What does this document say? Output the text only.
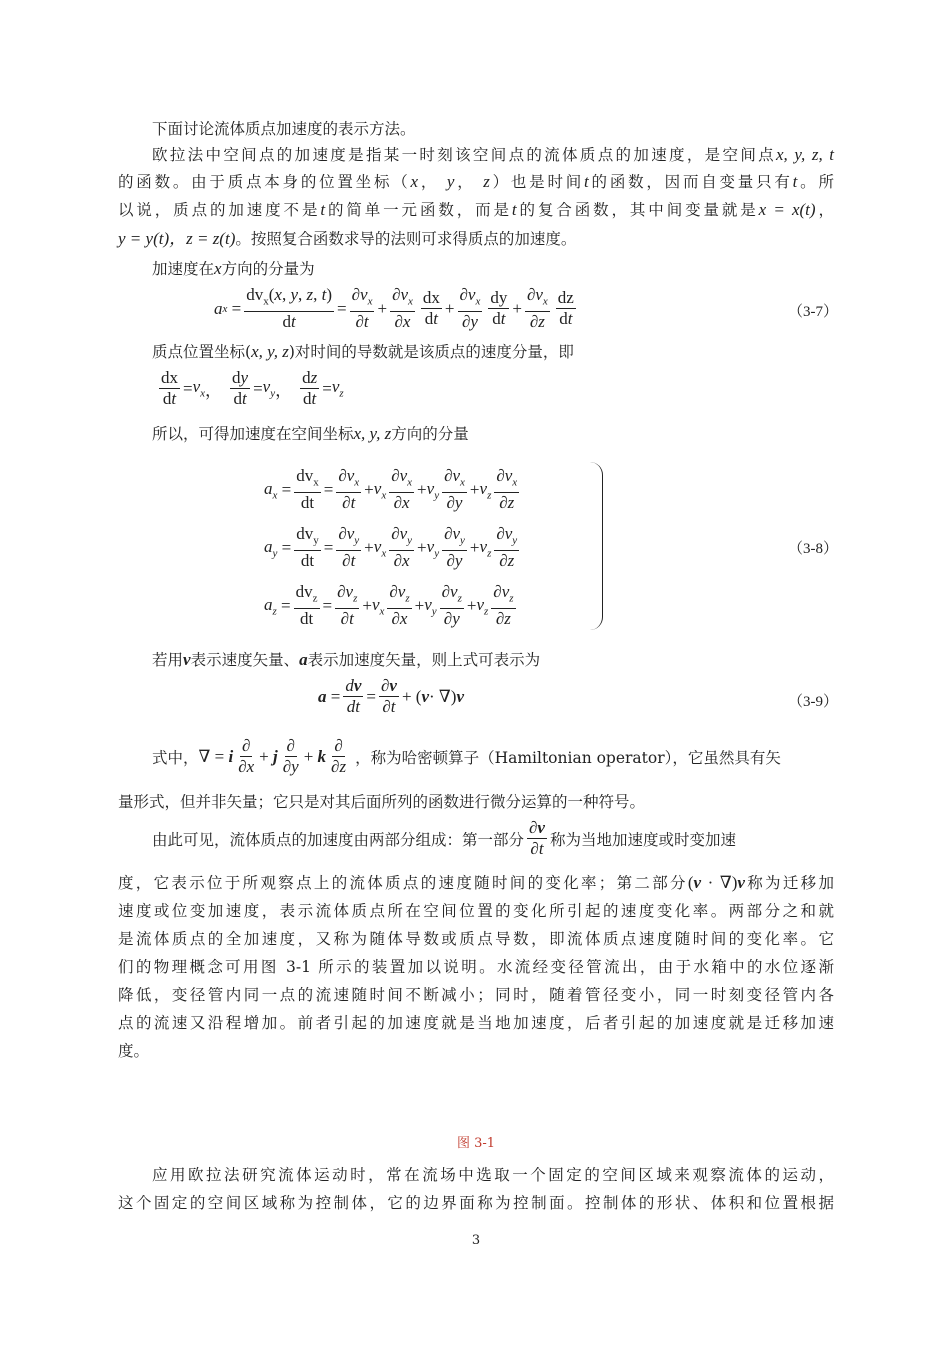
下面讨论流体质点加速度的表示方法。
欧拉法中空间点的加速度是指某一时刻该空间点的流体质点的加速度，是空间点x, y, z, t
的函数。由于质点本身的位置坐标（x， y， z）也是时间t的函数，因而自变量只有t。所
以说，质点的加速度不是t的简单一元函数，而是t的复合函数，其中间变量就是x = x(t)，
y = y(t)，z = z(t)。按照复合函数求导的法则可求得质点的加速度。
加速度在x方向的分量为
a $x = \frac{dv_x(x, y, z, t)}{dt} = \frac{\partial v_x}{\partial t} + \frac{\partial v_x}{\partial x} \frac{dx}{dt} + \frac{\partial v_x}{\partial y} \frac{dy}{dt} + \frac{\partial v_x}{\partial z} \frac{dz}{dt}$	（3-7）
质点位置坐标(x, y, z)对时间的导数就是该质点的速度分量，即
$\frac{dx}{dt} = v_x$ ， $\frac{dy}{dt} = v_y$ ， $\frac{dz}{dt} = v_z$
所以，可得加速度在空间坐标x, y, z方向的分量
$a_x = \frac{dv_x}{dt} = \frac{\partial v_x}{\partial t} + v_x \frac{\partial v_x}{\partial x} + v_y \frac{\partial v_x}{\partial y} + v_z \frac{\partial v_x}{\partial z}$
$a_y = \frac{dv_y}{dt} = \frac{\partial v_y}{\partial t} + v_x \frac{\partial v_y}{\partial x} + v_y \frac{\partial v_y}{\partial y} + v_z \frac{\partial v_y}{\partial z}$
$a_z = \frac{dv_z}{dt} = \frac{\partial v_z}{\partial t} + v_x \frac{\partial v_z}{\partial x} + v_y \frac{\partial v_z}{\partial y} + v_z \frac{\partial v_z}{\partial z}$
（3-8）
若用v表示速度矢量、a表示加速度矢量，则上式可表示为
$a = \frac{dv}{dt} = \frac{\partial v}{\partial t}$ + ( v · ∇) v	（3-9）
式中， ∇ = i $\frac{\partial}{\partial x} + j \frac{\partial}{\partial y} + k \frac{\partial}{\partial z}$ ，称为哈密顿算子（Hamiltonian operator），它虽然具有矢
量形式，但并非矢量；它只是对其后面所列的函数进行微分运算的一种符号。
由此可见，流体质点的加速度由两部分组成：第一部分 $\frac{\partial v}{\partial t}$ 称为当地加速度或时变加速
度，它表示位于所观察点上的流体质点的速度随时间的变化率；第二部分(v · ∇)v称为迁移加
速度或位变加速度，表示流体质点所在空间位置的变化所引起的速度变化率。两部分之和就
是流体质点的全加速度，又称为随体导数或质点导数，即流体质点速度随时间的变化率。它
们的物理概念可用图 3-1 所示的装置加以说明。水流经变径管流出，由于水箱中的水位逐渐
降低，变径管内同一点的流速随时间不断减小；同时，随着管径变小，同一时刻变径管内各
点的流速又沿程增加。前者引起的加速度就是当地加速度，后者引起的加速度就是迁移加速
度。
图 3-1
应用欧拉法研究流体运动时，常在流场中选取一个固定的空间区域来观察流体的运动，
这个固定的空间区域称为控制体，它的边界面称为控制面。控制体的形状、体积和位置根据
3
